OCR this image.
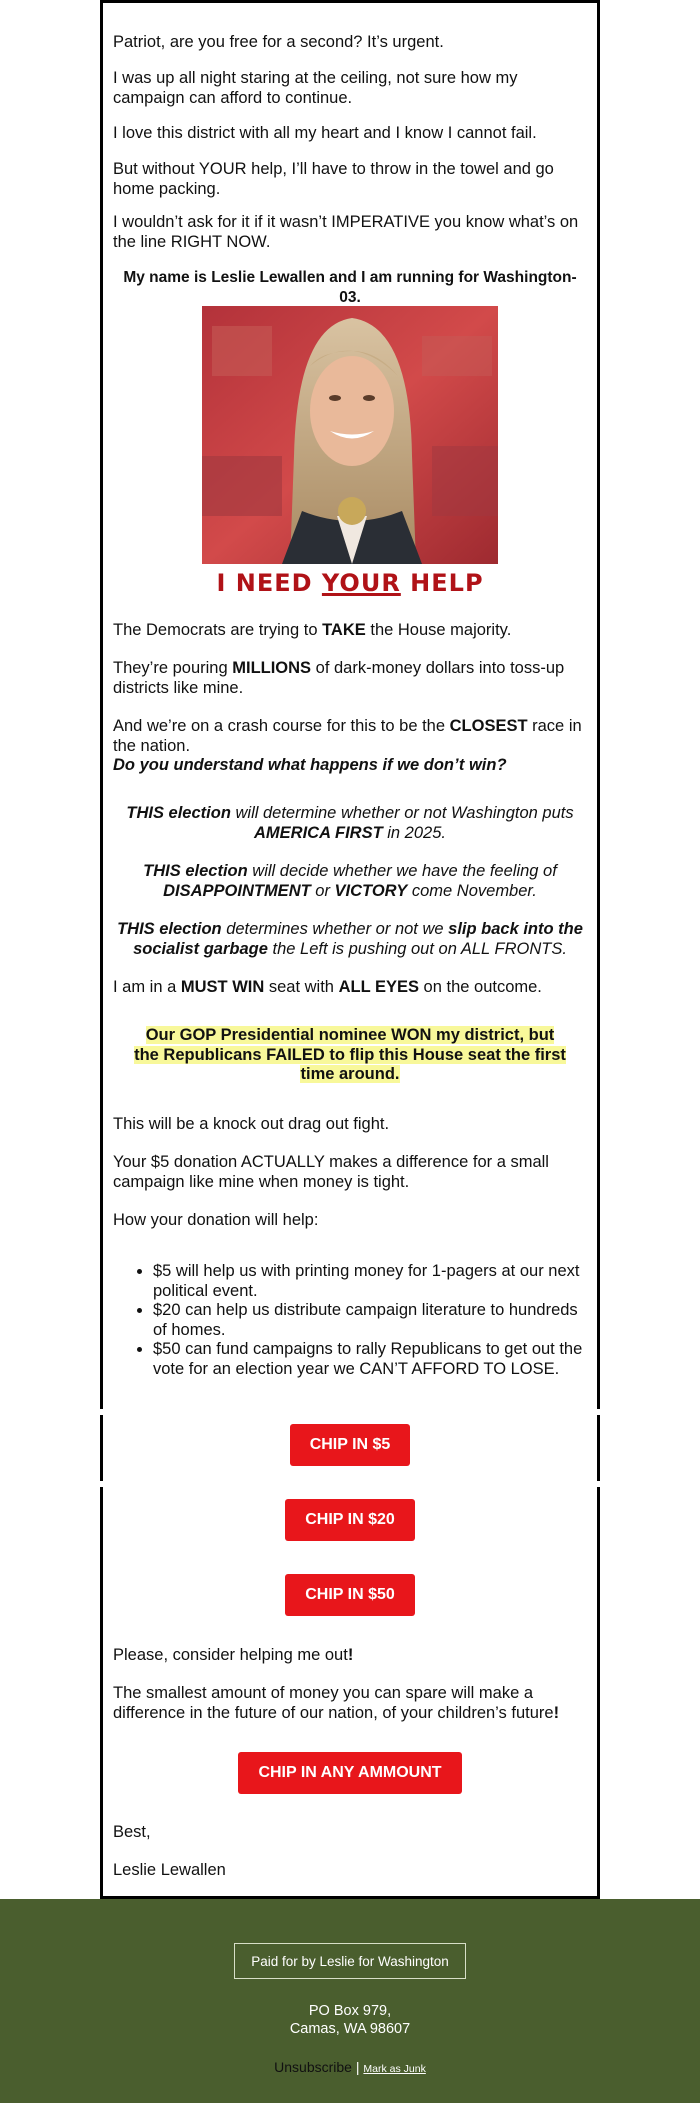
Patriot, are you free for a second? It’s urgent.

I was up all night staring at the ceiling, not sure how my campaign can afford to continue.

I love this district with all my heart and I know I cannot fail.

But without YOUR help, I’ll have to throw in the towel and go home packing.

I wouldn’t ask for it if it wasn’t IMPERATIVE you know what’s on the line RIGHT NOW.

My name is Leslie Lewallen and I am running for Washington-03.

I NEED YOUR HELP

The Democrats are trying to TAKE the House majority.

They’re pouring MILLIONS of dark-money dollars into toss-up districts like mine.

And we’re on a crash course for this to be the CLOSEST race in the nation.
Do you understand what happens if we don’t win?

THIS election will determine whether or not Washington puts AMERICA FIRST in 2025.

THIS election will decide whether we have the feeling of DISAPPOINTMENT or VICTORY come November.

THIS election determines whether or not we slip back into the socialist garbage the Left is pushing out on ALL FRONTS.

I am in a MUST WIN seat with ALL EYES on the outcome.

Our GOP Presidential nominee WON my district, but the Republicans FAILED to flip this House seat the first time around.

This will be a knock out drag out fight.

Your $5 donation ACTUALLY makes a difference for a small campaign like mine when money is tight.

How your donation will help:

• $5 will help us with printing money for 1-pagers at our next political event.
• $20 can help us distribute campaign literature to hundreds of homes.
• $50 can fund campaigns to rally Republicans to get out the vote for an election year we CAN’T AFFORD TO LOSE.
CHIP IN $5
CHIP IN $20
CHIP IN $50

Please, consider helping me out!

The smallest amount of money you can spare will make a difference in the future of our nation, of your children’s future!

CHIP IN ANY AMMOUNT

Best,

Leslie Lewallen

Paid for by Leslie for Washington
PO Box 979,
Camas, WA 98607
Unsubscribe | Mark as Junk
